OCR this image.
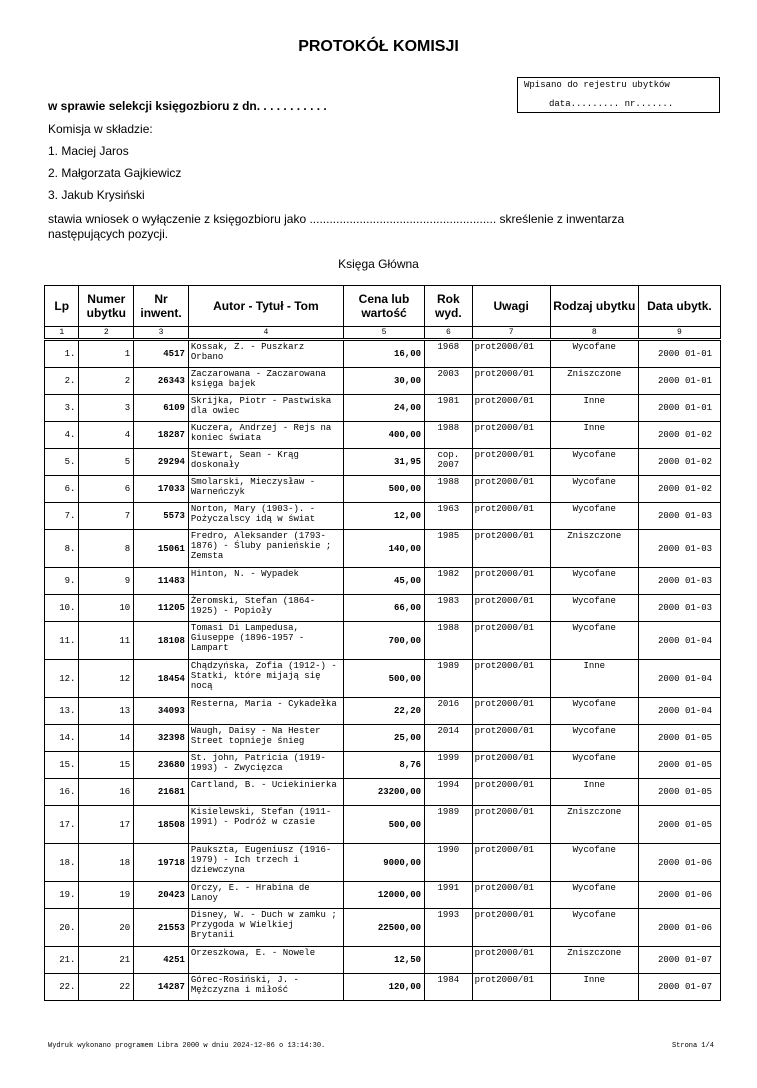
PROTOKÓŁ KOMISJI
Wpisano do rejestru ubytków
data......... nr.......
w sprawie selekcji księgozbioru z dn. . . . . . . . . . .
Komisja w składzie:
1. Maciej Jaros
2. Małgorzata Gajkiewicz
3. Jakub Krysiński
stawia wniosek o wyłączenie z księgozbioru jako ........................................................ skreślenie z inwentarza następujących pozycji.
Księga Główna
Lp	Numer ubytku	Nr inwent.	Autor - Tytuł - Tom	Cena lub wartość	Rok wyd.	Uwagi	Rodzaj ubytku	Data ubytk.
1	2	3	4	5	6	7	8	9

1.	1	4517	Kossak, Z. - Puszkarz Orbano	16,00	1968	prot2000/01	Wycofane	2000 01-01
2.	2	26343	Zaczarowana - Zaczarowana księga bajek	30,00	2003	prot2000/01	Zniszczone	2000 01-01
3.	3	6109	Skrijka, Piotr - Pastwiska dla owiec	24,00	1981	prot2000/01	Inne	2000 01-01
4.	4	18287	Kuczera, Andrzej - Rejs na koniec świata	400,00	1988	prot2000/01	Inne	2000 01-02
5.	5	29294	Stewart, Sean - Krąg doskonały	31,95	cop. 2007	prot2000/01	Wycofane	2000 01-02
6.	6	17033	Smolarski, Mieczysław - Warneńczyk	500,00	1988	prot2000/01	Wycofane	2000 01-02
7.	7	5573	Norton, Mary (1903-). - Pożyczalscy idą w świat	12,00	1963	prot2000/01	Wycofane	2000 01-03
8.	8	15061	Fredro, Aleksander (1793-1876) - Śluby panieńskie ; Zemsta	140,00	1985	prot2000/01	Zniszczone	2000 01-03
9.	9	11483	Hinton, N. - Wypadek	45,00	1982	prot2000/01	Wycofane	2000 01-03
10.	10	11205	Żeromski, Stefan (1864-1925) - Popioły	66,00	1983	prot2000/01	Wycofane	2000 01-03
11.	11	18108	Tomasi Di Lampedusa, Giuseppe (1896-1957 - Lampart	700,00	1988	prot2000/01	Wycofane	2000 01-04
12.	12	18454	Chądzyńska, Zofia (1912-) - Statki, które mijają się nocą	500,00	1989	prot2000/01	Inne	2000 01-04
13.	13	34093	Resterna, Maria - Cykadełka	22,20	2016	prot2000/01	Wycofane	2000 01-04
14.	14	32398	Waugh, Daisy - Na Hester Street topnieje śnieg	25,00	2014	prot2000/01	Wycofane	2000 01-05
15.	15	23680	St. john, Patricia (1919-1993) - Zwycięzca	8,76	1999	prot2000/01	Wycofane	2000 01-05
16.	16	21681	Cartland, B. - Uciekinierka	23200,00	1994	prot2000/01	Inne	2000 01-05
17.	17	18508	Kisielewski, Stefan (1911-1991) - Podróż w czasie	500,00	1989	prot2000/01	Zniszczone	2000 01-05
18.	18	19718	Paukszta, Eugeniusz (1916-1979) - Ich trzech i dziewczyna	9000,00	1990	prot2000/01	Wycofane	2000 01-06
19.	19	20423	Orczy, E. - Hrabina de Lanoy	12000,00	1991	prot2000/01	Wycofane	2000 01-06
20.	20	21553	Disney, W. - Duch w zamku ; Przygoda w Wielkiej Brytanii	22500,00	1993	prot2000/01	Wycofane	2000 01-06
21.	21	4251	Orzeszkowa, E. - Nowele	12,50		prot2000/01	Zniszczone	2000 01-07
22.	22	14287	Górec-Rosiński, J. - Mężczyzna i miłość	120,00	1984	prot2000/01	Inne	2000 01-07
Wydruk wykonano programem Libra 2000 w dniu 2024-12-06 o 13:14:30.	Strona 1/4
